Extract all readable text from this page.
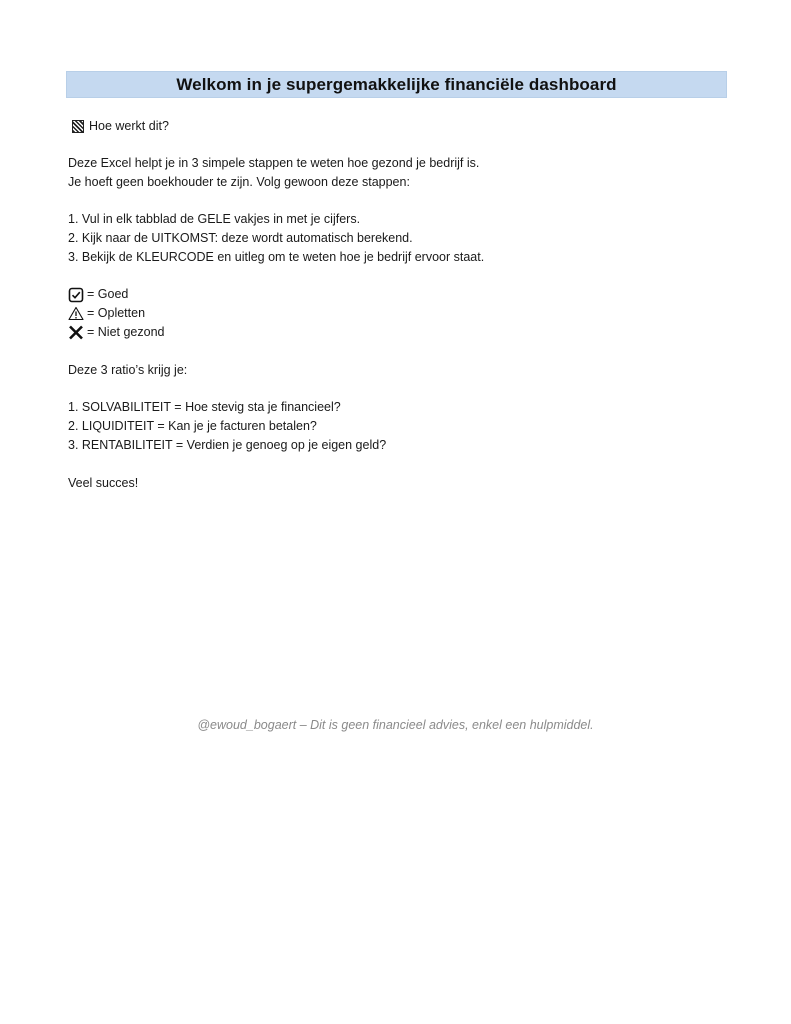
Welkom in je supergemakkelijke financiële dashboard
Hoe werkt dit?
Deze Excel helpt je in 3 simpele stappen te weten hoe gezond je bedrijf is.
Je hoeft geen boekhouder te zijn. Volg gewoon deze stappen:
1. Vul in elk tabblad de GELE vakjes in met je cijfers.
2. Kijk naar de UITKOMST: deze wordt automatisch berekend.
3. Bekijk de KLEURCODE en uitleg om te weten hoe je bedrijf ervoor staat.
= Goed
= Opletten
= Niet gezond
Deze 3 ratio’s krijg je:
1. SOLVABILITEIT = Hoe stevig sta je financieel?
2. LIQUIDITEIT = Kan je je facturen betalen?
3. RENTABILITEIT = Verdien je genoeg op je eigen geld?
Veel succes!
@ewoud_bogaert – Dit is geen financieel advies, enkel een hulpmiddel.
